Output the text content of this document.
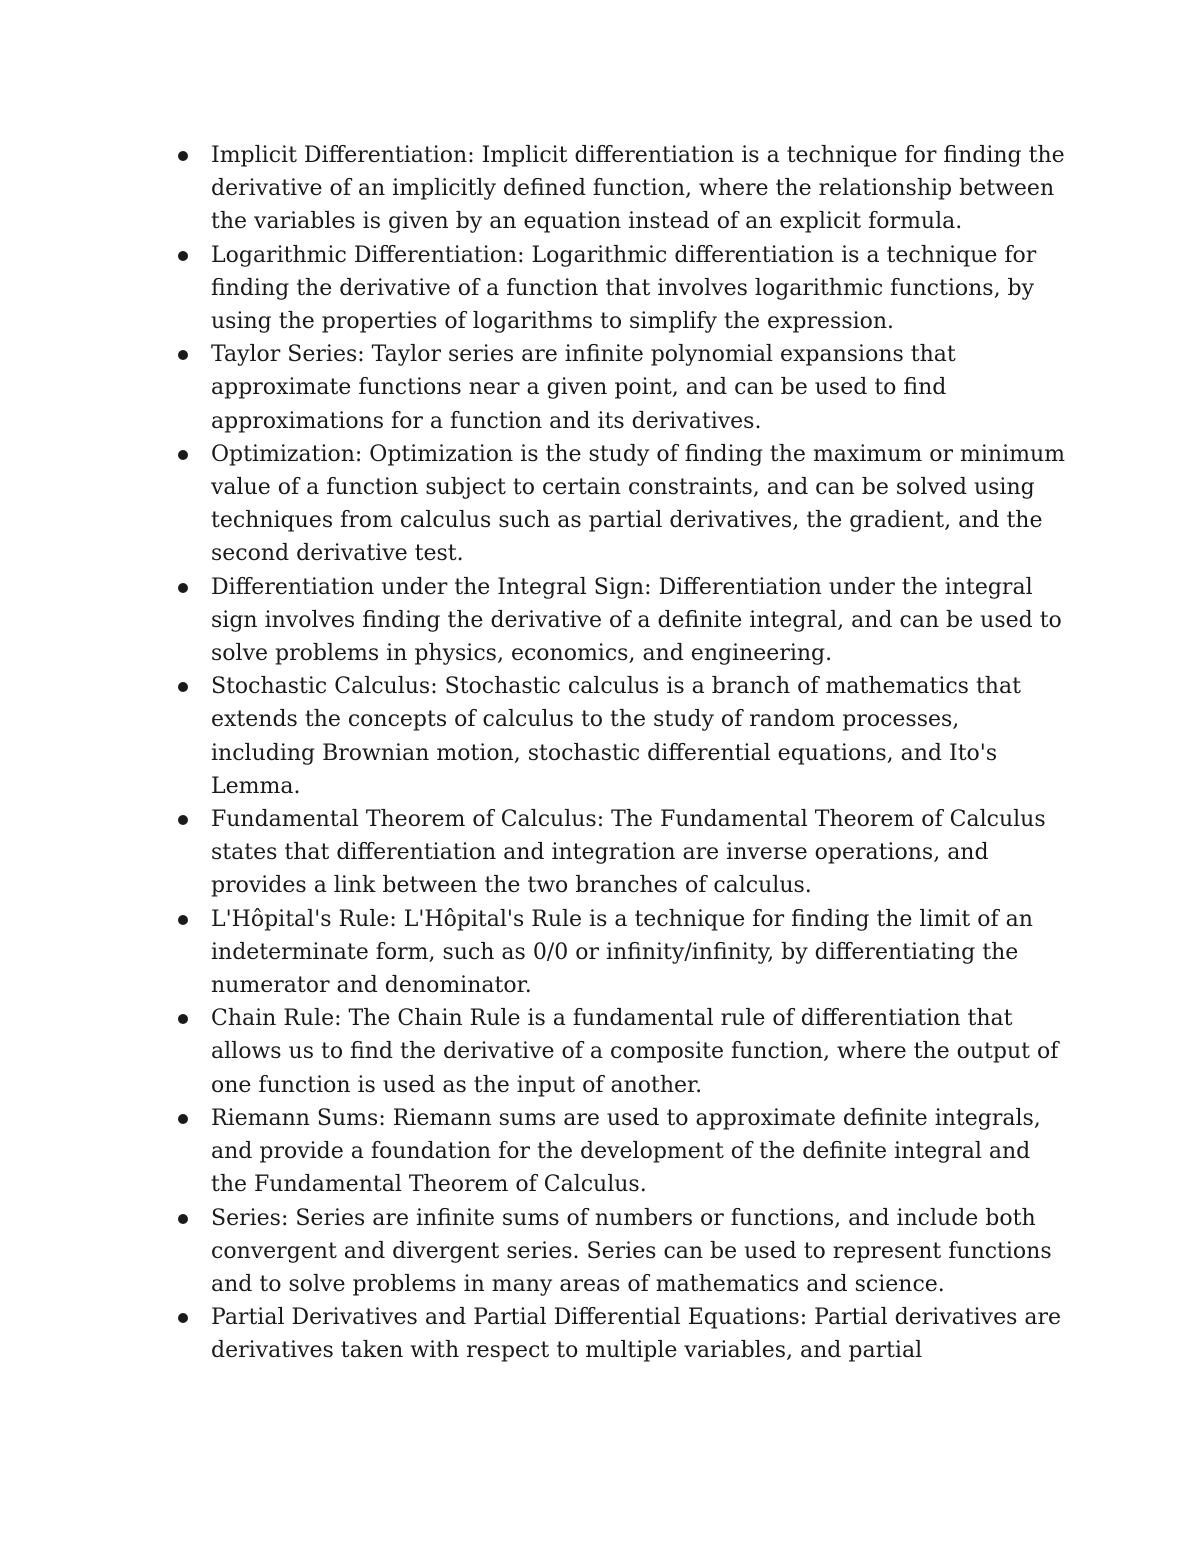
Implicit Differentiation: Implicit differentiation is a technique for finding the derivative of an implicitly defined function, where the relationship between the variables is given by an equation instead of an explicit formula.
Logarithmic Differentiation: Logarithmic differentiation is a technique for finding the derivative of a function that involves logarithmic functions, by using the properties of logarithms to simplify the expression.
Taylor Series: Taylor series are infinite polynomial expansions that approximate functions near a given point, and can be used to find approximations for a function and its derivatives.
Optimization: Optimization is the study of finding the maximum or minimum value of a function subject to certain constraints, and can be solved using techniques from calculus such as partial derivatives, the gradient, and the second derivative test.
Differentiation under the Integral Sign: Differentiation under the integral sign involves finding the derivative of a definite integral, and can be used to solve problems in physics, economics, and engineering.
Stochastic Calculus: Stochastic calculus is a branch of mathematics that extends the concepts of calculus to the study of random processes, including Brownian motion, stochastic differential equations, and Ito's Lemma.
Fundamental Theorem of Calculus: The Fundamental Theorem of Calculus states that differentiation and integration are inverse operations, and provides a link between the two branches of calculus.
L'Hôpital's Rule: L'Hôpital's Rule is a technique for finding the limit of an indeterminate form, such as 0/0 or infinity/infinity, by differentiating the numerator and denominator.
Chain Rule: The Chain Rule is a fundamental rule of differentiation that allows us to find the derivative of a composite function, where the output of one function is used as the input of another.
Riemann Sums: Riemann sums are used to approximate definite integrals, and provide a foundation for the development of the definite integral and the Fundamental Theorem of Calculus.
Series: Series are infinite sums of numbers or functions, and include both convergent and divergent series. Series can be used to represent functions and to solve problems in many areas of mathematics and science.
Partial Derivatives and Partial Differential Equations: Partial derivatives are derivatives taken with respect to multiple variables, and partial
